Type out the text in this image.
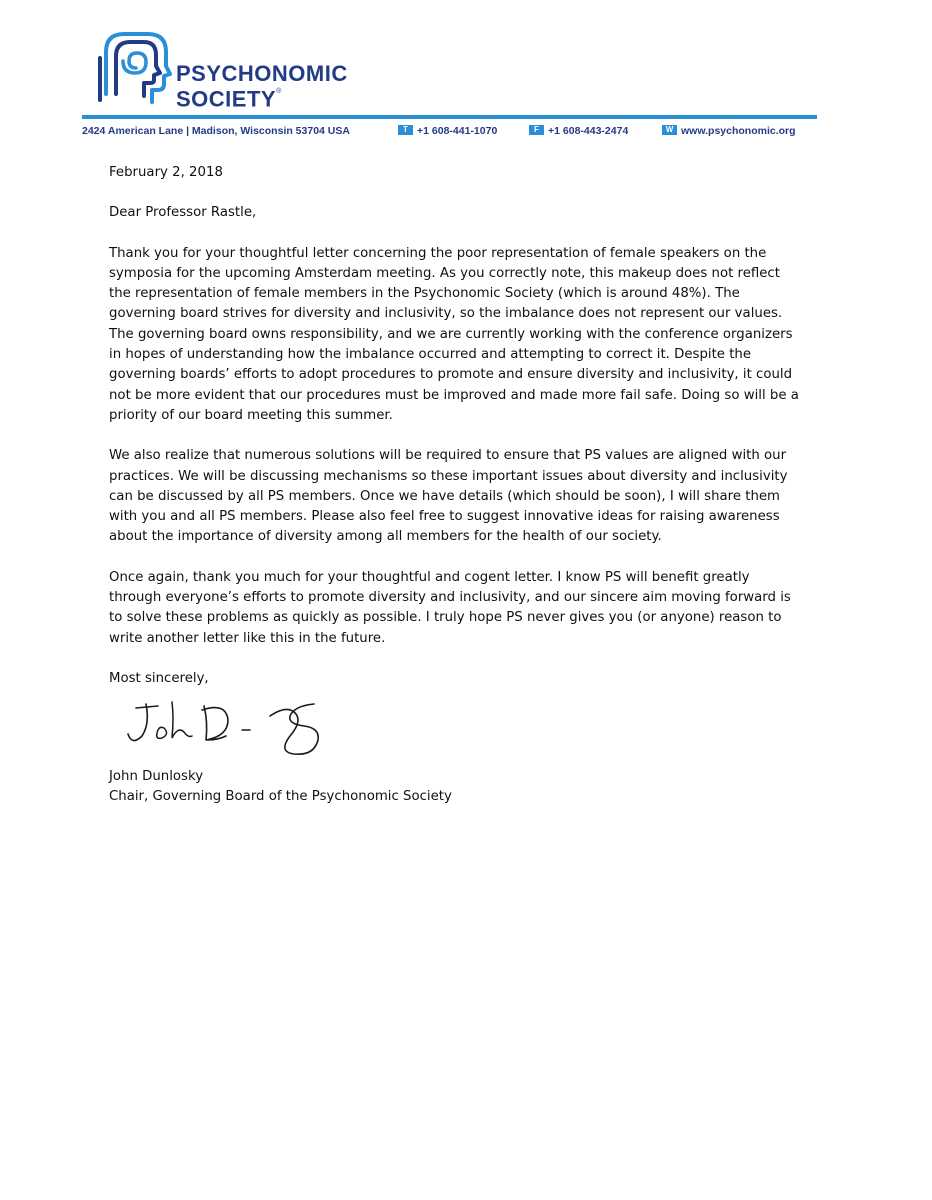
PSYCHONOMIC
SOCIETY®
2424 American Lane | Madison, Wisconsin 53704 USA	T +1 608-441-1070	F +1 608-443-2474	W www.psychonomic.org

February 2, 2018

Dear Professor Rastle,

Thank you for your thoughtful letter concerning the poor representation of female speakers on the
symposia for the upcoming Amsterdam meeting. As you correctly note, this makeup does not reflect
the representation of female members in the Psychonomic Society (which is around 48%). The
governing board strives for diversity and inclusivity, so the imbalance does not represent our values.
The governing board owns responsibility, and we are currently working with the conference organizers
in hopes of understanding how the imbalance occurred and attempting to correct it. Despite the
governing boards’ efforts to adopt procedures to promote and ensure diversity and inclusivity, it could
not be more evident that our procedures must be improved and made more fail safe. Doing so will be a
priority of our board meeting this summer.

We also realize that numerous solutions will be required to ensure that PS values are aligned with our
practices. We will be discussing mechanisms so these important issues about diversity and inclusivity
can be discussed by all PS members. Once we have details (which should be soon), I will share them
with you and all PS members. Please also feel free to suggest innovative ideas for raising awareness
about the importance of diversity among all members for the health of our society.

Once again, thank you much for your thoughtful and cogent letter. I know PS will benefit greatly
through everyone’s efforts to promote diversity and inclusivity, and our sincere aim moving forward is
to solve these problems as quickly as possible. I truly hope PS never gives you (or anyone) reason to
write another letter like this in the future.

Most sincerely,

John Dunlosky
Chair, Governing Board of the Psychonomic Society
